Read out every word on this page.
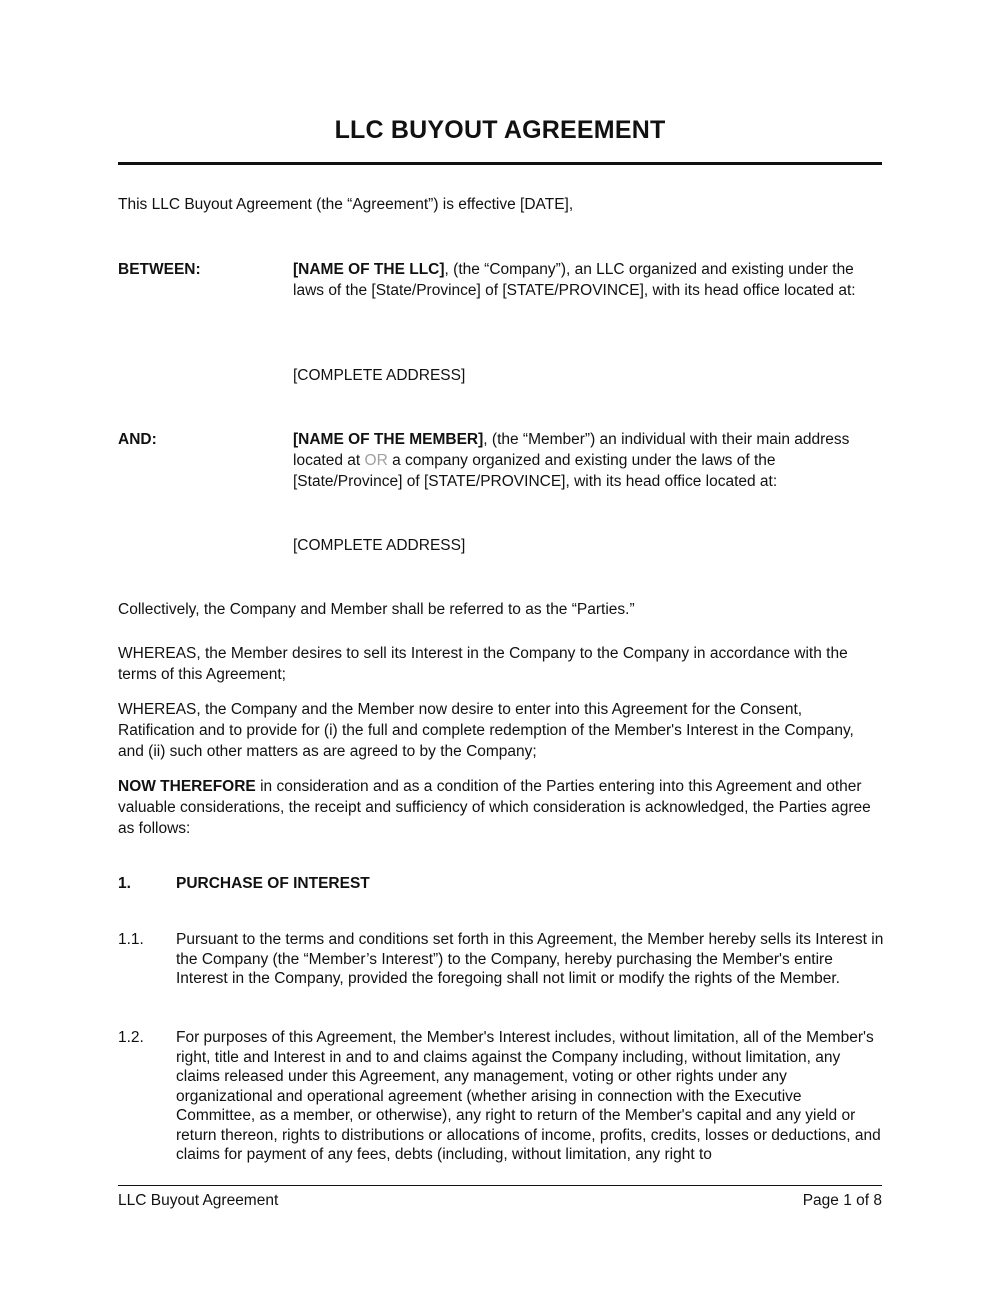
LLC BUYOUT AGREEMENT
This LLC Buyout Agreement (the “Agreement”) is effective [DATE],
BETWEEN:	[NAME OF THE LLC], (the “Company”), an LLC organized and existing under the laws of the [State/Province] of [STATE/PROVINCE], with its head office located at:
[COMPLETE ADDRESS]
AND:	[NAME OF THE MEMBER], (the “Member”) an individual with their main address located at OR a company organized and existing under the laws of the [State/Province] of [STATE/PROVINCE], with its head office located at:
[COMPLETE ADDRESS]
Collectively, the Company and Member shall be referred to as the “Parties.”
WHEREAS, the Member desires to sell its Interest in the Company to the Company in accordance with the terms of this Agreement;
WHEREAS, the Company and the Member now desire to enter into this Agreement for the Consent, Ratification and to provide for (i) the full and complete redemption of the Member's Interest in the Company, and (ii) such other matters as are agreed to by the Company;
NOW THEREFORE in consideration and as a condition of the Parties entering into this Agreement and other valuable considerations, the receipt and sufficiency of which consideration is acknowledged, the Parties agree as follows:
1.	PURCHASE OF INTEREST
1.1. Pursuant to the terms and conditions set forth in this Agreement, the Member hereby sells its Interest in the Company (the “Member’s Interest”) to the Company, hereby purchasing the Member's entire Interest in the Company, provided the foregoing shall not limit or modify the rights of the Member.
1.2. For purposes of this Agreement, the Member's Interest includes, without limitation, all of the Member's right, title and Interest in and to and claims against the Company including, without limitation, any claims released under this Agreement, any management, voting or other rights under any organizational and operational agreement (whether arising in connection with the Executive Committee, as a member, or otherwise), any right to return of the Member's capital and any yield or return thereon, rights to distributions or allocations of income, profits, credits, losses or deductions, and claims for payment of any fees, debts (including, without limitation, any right to
LLC Buyout Agreement	Page 1 of 8
